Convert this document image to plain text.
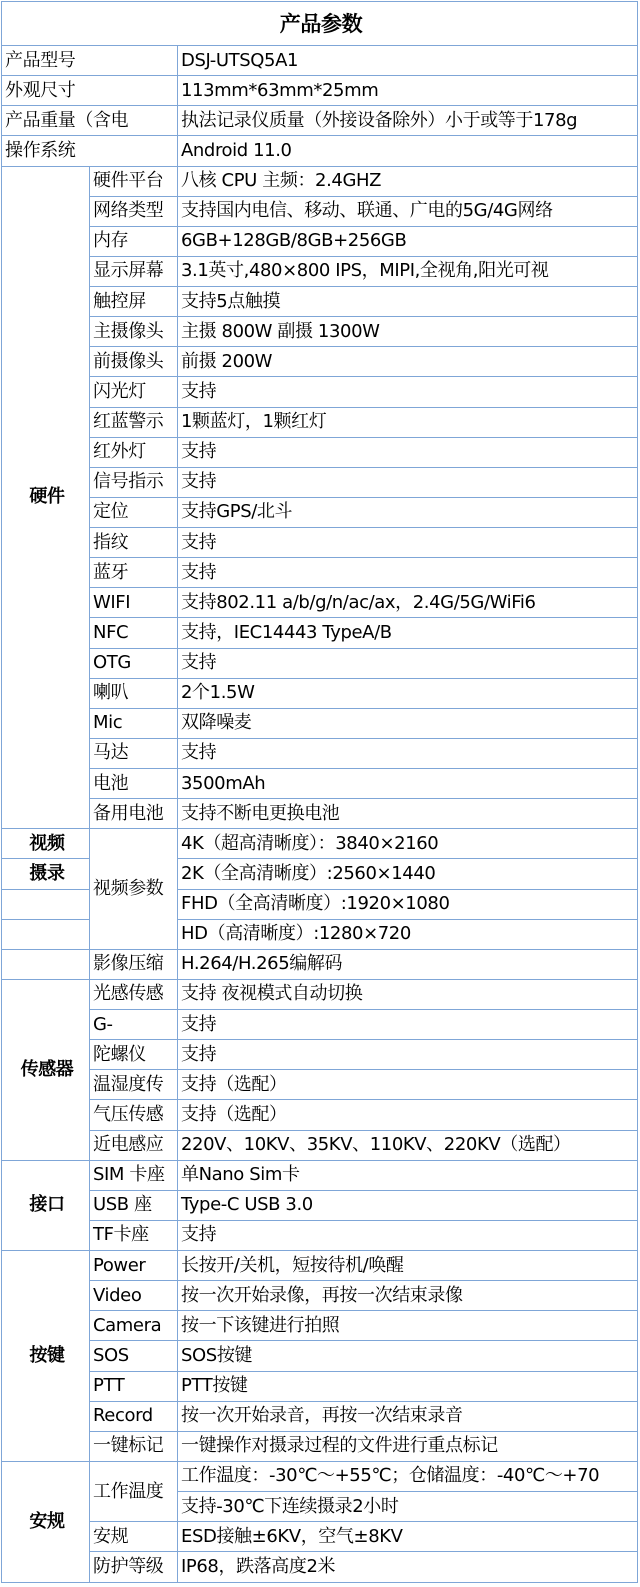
产品参数		
产品型号		DSJ-UTSQ5A1
外观尺寸		113mm*63mm*25mm
产品重量（含电		执法记录仪质量（外接设备除外）小于或等于178g
操作系统		Android 11.0
硬件	硬件平台	八核 CPU 主频：2.4GHZ
	网络类型	支持国内电信、移动、联通、广电的5G/4G网络
	内存	6GB+128GB/8GB+256GB
	显示屏幕	3.1英寸,480×800 IPS，MIPI,全视角,阳光可视
	触控屏	支持5点触摸
	主摄像头	主摄 800W 副摄 1300W
	前摄像头	前摄 200W
	闪光灯	支持
	红蓝警示	1颗蓝灯，1颗红灯
	红外灯	支持
	信号指示	支持
	定位	支持GPS/北斗
	指纹	支持
	蓝牙	支持
	WIFI	支持802.11 a/b/g/n/ac/ax，2.4G/5G/WiFi6
	NFC	支持，IEC14443 TypeA/B
	OTG	支持
	喇叭	2个1.5W
	Mic	双降噪麦
	马达	支持
	电池	3500mAh
	备用电池	支持不断电更换电池
视频	视频参数	4K（超高清晰度）：3840×2160
摄录		2K（全高清晰度）:2560×1440
		FHD（全高清晰度）:1920×1080
		HD（高清晰度）:1280×720
	影像压缩	H.264/H.265编解码
传感器	光感传感	支持 夜视模式自动切换
	G-	支持
	陀螺仪	支持
	温湿度传	支持（选配）
	气压传感	支持（选配）
	近电感应	220V、10KV、35KV、110KV、220KV（选配）
接口	SIM 卡座	单Nano Sim卡
	USB 座	Type-C USB 3.0
	TF卡座	支持
按键	Power	长按开/关机，短按待机/唤醒
	Video	按一次开始录像，再按一次结束录像
	Camera	按一下该键进行拍照
	SOS	SOS按键
	PTT	PTT按键
	Record	按一次开始录音，再按一次结束录音
	一键标记	一键操作对摄录过程的文件进行重点标记
安规	工作温度	工作温度：-30℃～+55℃；仓储温度：-40℃～+70
		支持-30℃下连续摄录2小时
	安规	ESD接触±6KV，空气±8KV
	防护等级	IP68，跌落高度2米
